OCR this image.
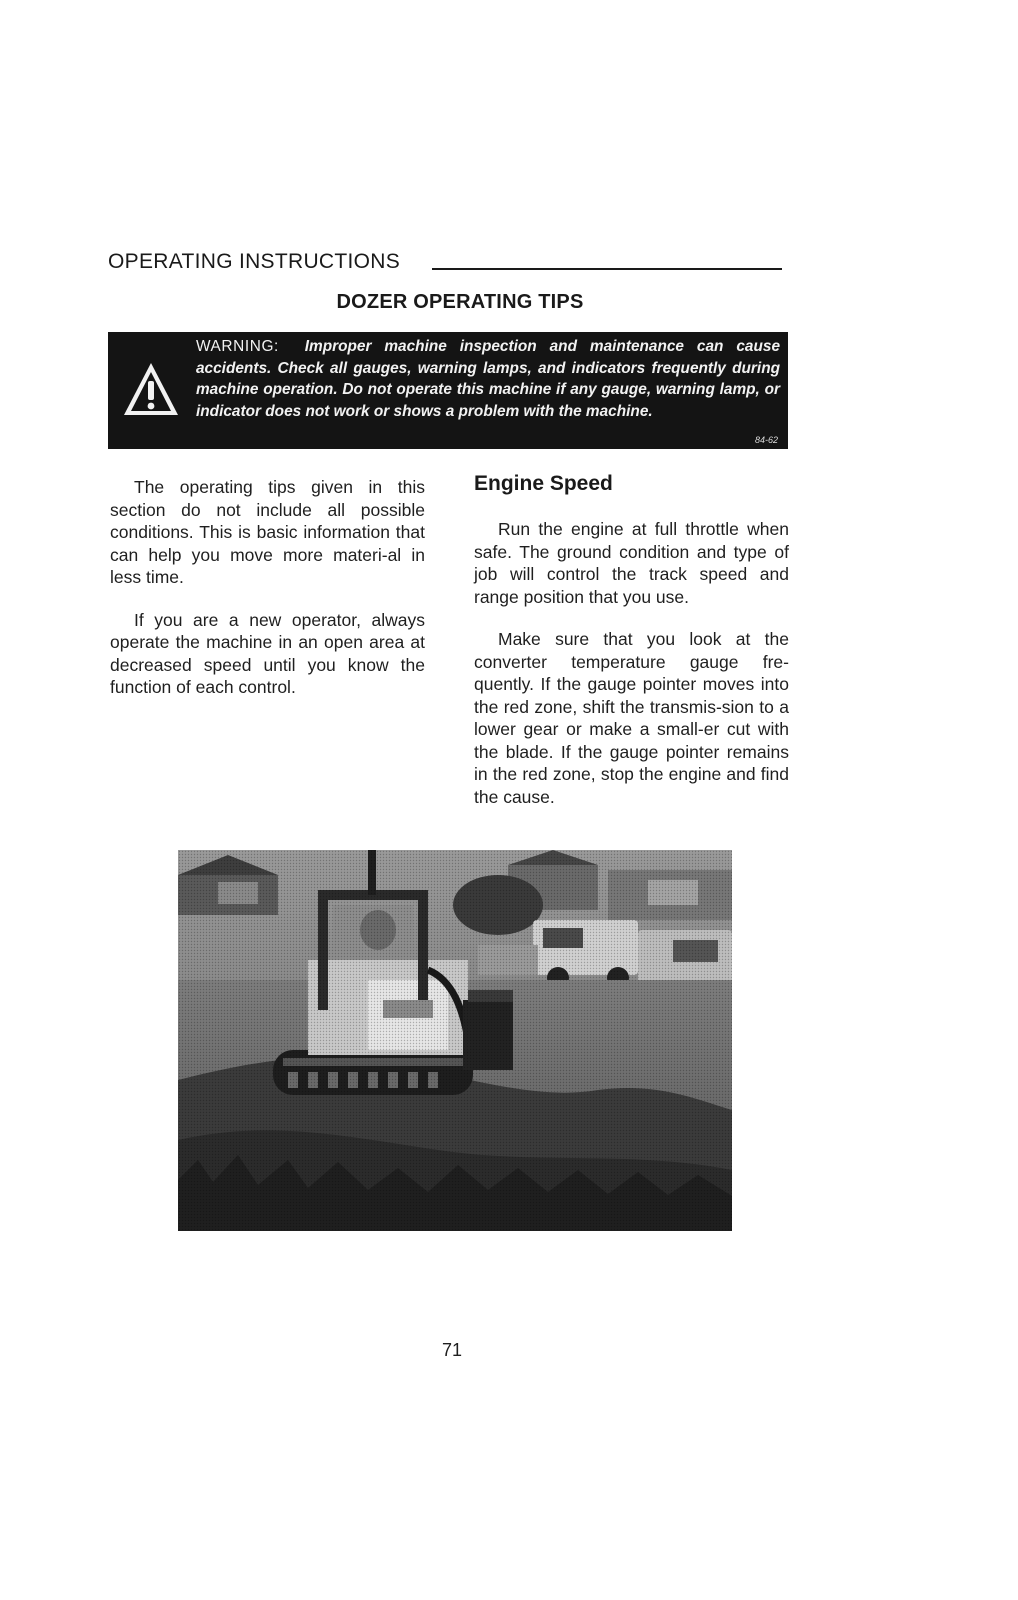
OPERATING INSTRUCTIONS
DOZER OPERATING TIPS
WARNING: Improper machine inspection and maintenance can cause accidents. Check all gauges, warning lamps, and indicators frequently during machine operation. Do not operate this machine if any gauge, warning lamp, or indicator does not work or shows a problem with the machine.
84-62

The operating tips given in this section do not include all possible conditions. This is basic information that can help you move more materi-al in less time.

If you are a new operator, always operate the machine in an open area at decreased speed until you know the function of each control.

Engine Speed

Run the engine at full throttle when safe. The ground condition and type of job will control the track speed and range position that you use.

Make sure that you look at the converter temperature gauge fre-quently. If the gauge pointer moves into the red zone, shift the transmis-sion to a lower gear or make a small-er cut with the blade. If the gauge pointer remains in the red zone, stop the engine and find the cause.

71
